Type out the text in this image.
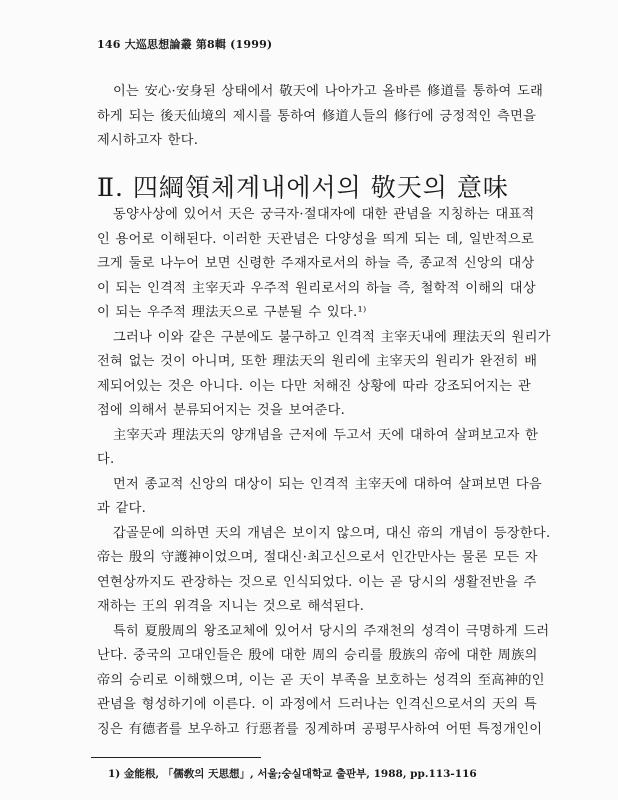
146 大巡思想論叢 第8輯 (1999)
이는 安心·安身된 상태에서 敬天에 나아가고 올바른 修道를 통하여 도래
하게 되는 後天仙境의 제시를 통하여 修道人들의 修行에 긍정적인 측면을
제시하고자 한다.
Ⅱ. 四綱領체계내에서의 敬天의 意味
동양사상에 있어서 天은 궁극자·절대자에 대한 관념을 지칭하는 대표적
인 용어로 이해된다. 이러한 天관념은 다양성을 띄게 되는 데, 일반적으로
크게 둘로 나누어 보면 신령한 주재자로서의 하늘 즉, 종교적 신앙의 대상
이 되는 인격적 主宰天과 우주적 원리로서의 하늘 즉, 철학적 이해의 대상
이 되는 우주적 理法天으로 구분될 수 있다.¹⁾
그러나 이와 같은 구분에도 불구하고 인격적 主宰天내에 理法天의 원리가
전혀 없는 것이 아니며, 또한 理法天의 원리에 主宰天의 원리가 완전히 배
제되어있는 것은 아니다. 이는 다만 처해진 상황에 따라 강조되어지는 관
점에 의해서 분류되어지는 것을 보여준다.
主宰天과 理法天의 양개념을 근저에 두고서 天에 대하여 살펴보고자 한
다.
먼저 종교적 신앙의 대상이 되는 인격적 主宰天에 대하여 살펴보면 다음
과 같다.
갑골문에 의하면 天의 개념은 보이지 않으며, 대신 帝의 개념이 등장한다.
帝는 殷의 守護神이었으며, 절대신·최고신으로서 인간만사는 물론 모든 자
연현상까지도 관장하는 것으로 인식되었다. 이는 곧 당시의 생활전반을 주
재하는 王의 위격을 지니는 것으로 해석된다.
특히 夏殷周의 왕조교체에 있어서 당시의 주재천의 성격이 극명하게 드러
난다. 중국의 고대인들은 殷에 대한 周의 승리를 殷族의 帝에 대한 周族의
帝의 승리로 이해했으며, 이는 곧 天이 부족을 보호하는 성격의 至高神的인
관념을 형성하기에 이른다. 이 과정에서 드러나는 인격신으로서의 天의 특
징은 有德者를 보우하고 行惡者를 징계하며 공평무사하여 어떤 특정개인이
1) 金能根, 「儒敎의 天思想」, 서울;숭실대학교 출판부, 1988, pp.113-116
